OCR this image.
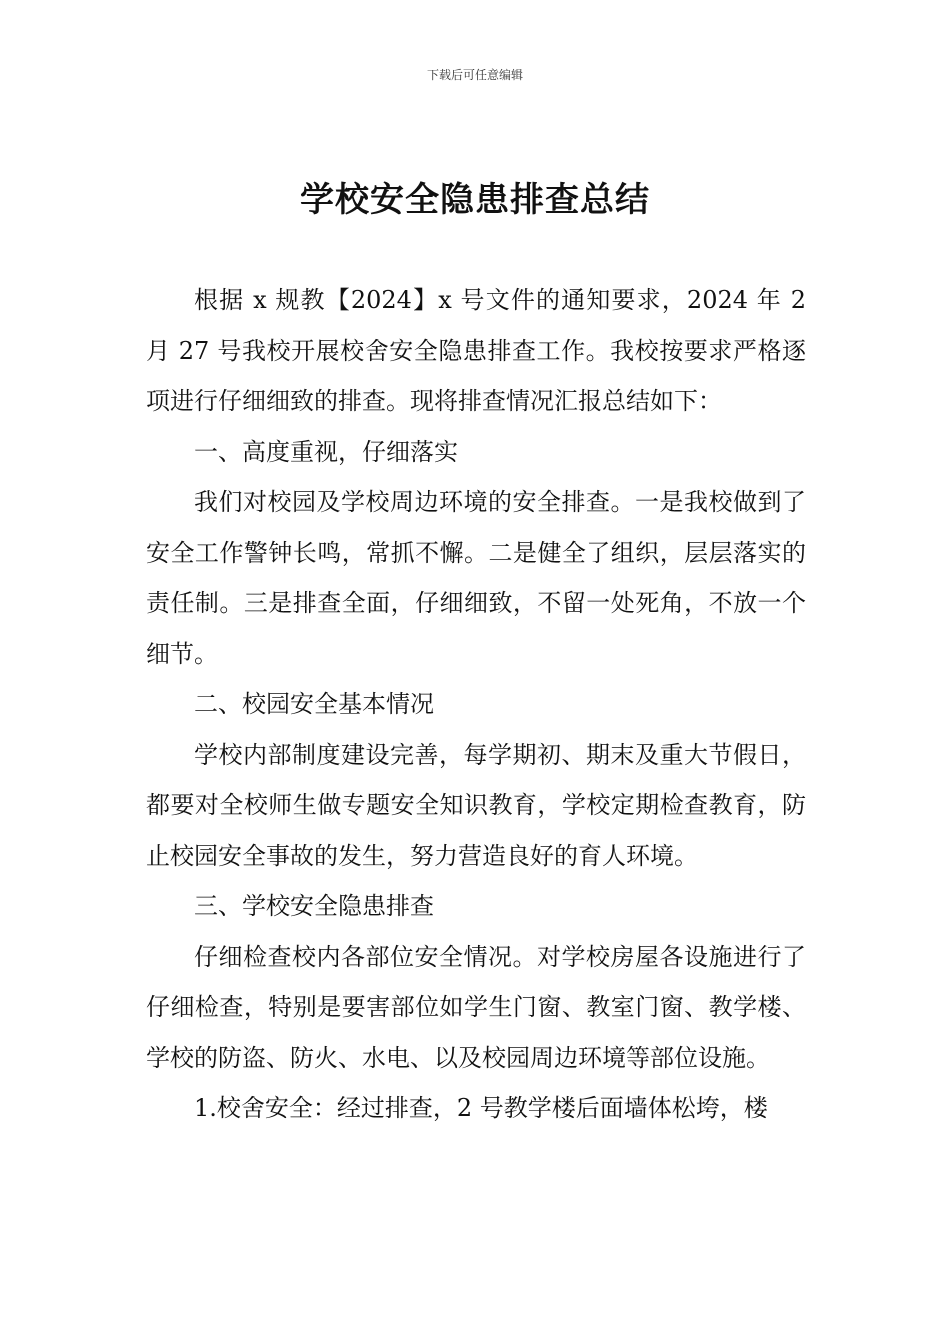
下载后可任意编辑
学校安全隐患排查总结

根据 x 规教【2024】x 号文件的通知要求，2024 年 2 月 27 号我校开展校舍安全隐患排查工作。我校按要求严格逐项进行仔细细致的排查。现将排查情况汇报总结如下：

一、高度重视，仔细落实

我们对校园及学校周边环境的安全排查。一是我校做到了安全工作警钟长鸣，常抓不懈。二是健全了组织，层层落实的责任制。三是排查全面，仔细细致，不留一处死角，不放一个细节。

二、校园安全基本情况

学校内部制度建设完善，每学期初、期末及重大节假日，都要对全校师生做专题安全知识教育，学校定期检查教育，防止校园安全事故的发生，努力营造良好的育人环境。

三、学校安全隐患排查

仔细检查校内各部位安全情况。对学校房屋各设施进行了仔细检查，特别是要害部位如学生门窗、教室门窗、教学楼、学校的防盗、防火、水电、以及校园周边环境等部位设施。

1.校舍安全：经过排查，2 号教学楼后面墙体松垮，楼
